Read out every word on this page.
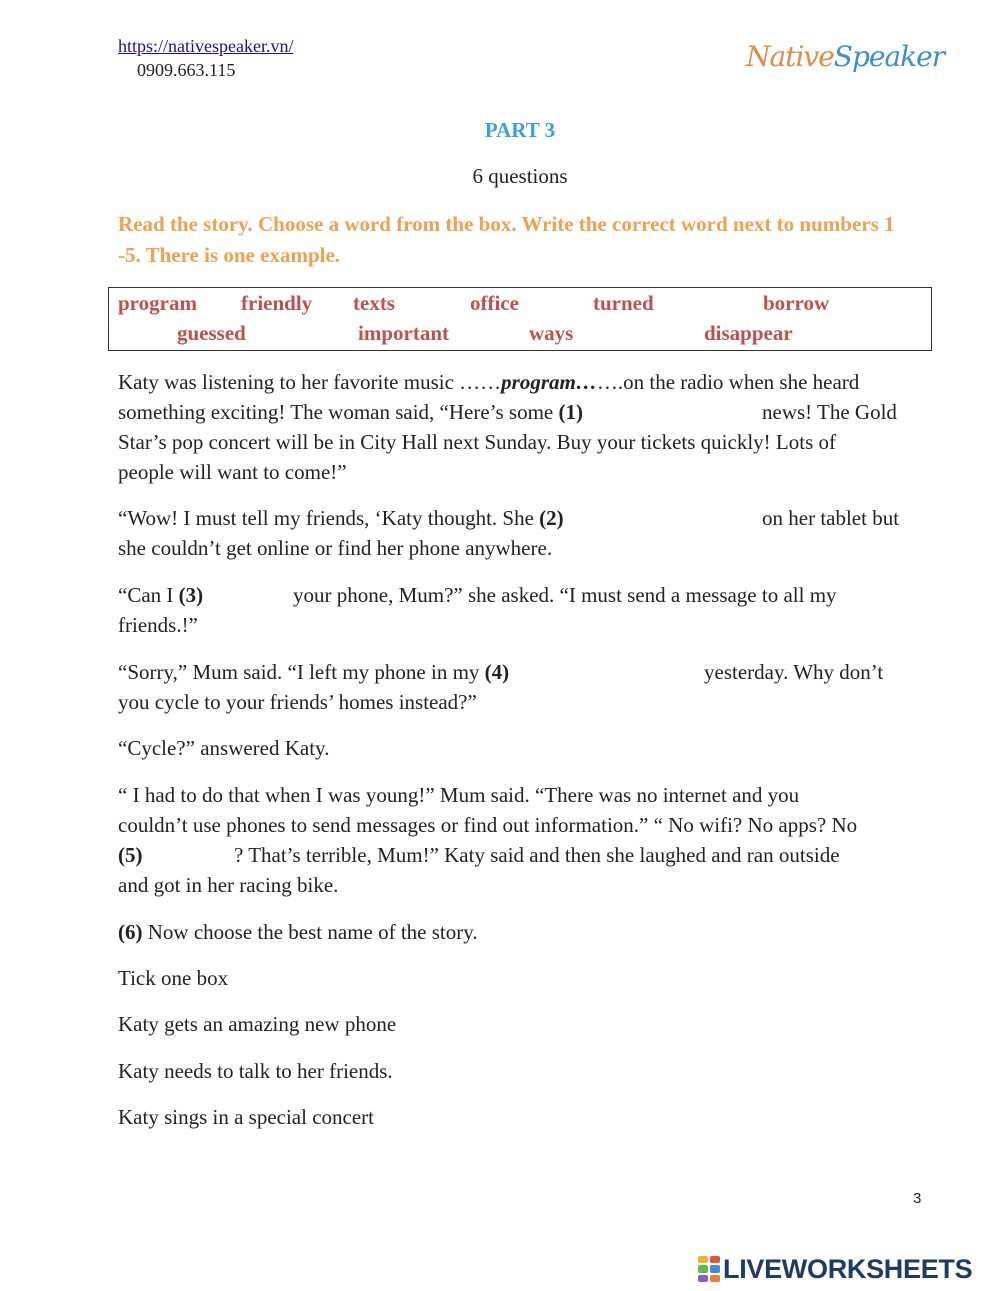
https://nativespeaker.vn/
0909.663.115	NativeSpeaker
PART 3
6 questions
Read the story. Choose a word from the box. Write the correct word next to numbers 1 -5. There is one example.
program friendly texts	office	turned	borrow
guessed	important	ways	disappear
Katy was listening to her favorite music ……program…….on the radio when she heard
something exciting! The woman said, “Here’s some (1)	news! The Gold
Star’s pop concert will be in City Hall next Sunday. Buy your tickets quickly! Lots of
people will want to come!”
“Wow! I must tell my friends, ‘Katy thought. She (2)	on her tablet but
she couldn’t get online or find her phone anywhere.
“Can I (3)	your phone, Mum?” she asked. “I must send a message to all my
friends.!”
“Sorry,” Mum said. “I left my phone in my (4)	yesterday. Why don’t
you cycle to your friends’ homes instead?”
“Cycle?” answered Katy.
“ I had to do that when I was young!” Mum said. “There was no internet and you
couldn’t use phones to send messages or find out information.” “ No wifi? No apps? No
(5)	? That’s terrible, Mum!” Katy said and then she laughed and ran outside
and got in her racing bike.
(6) Now choose the best name of the story.
Tick one box
Katy gets an amazing new phone
Katy needs to talk to her friends.
Katy sings in a special concert
3
LIVEWORKSHEETS
